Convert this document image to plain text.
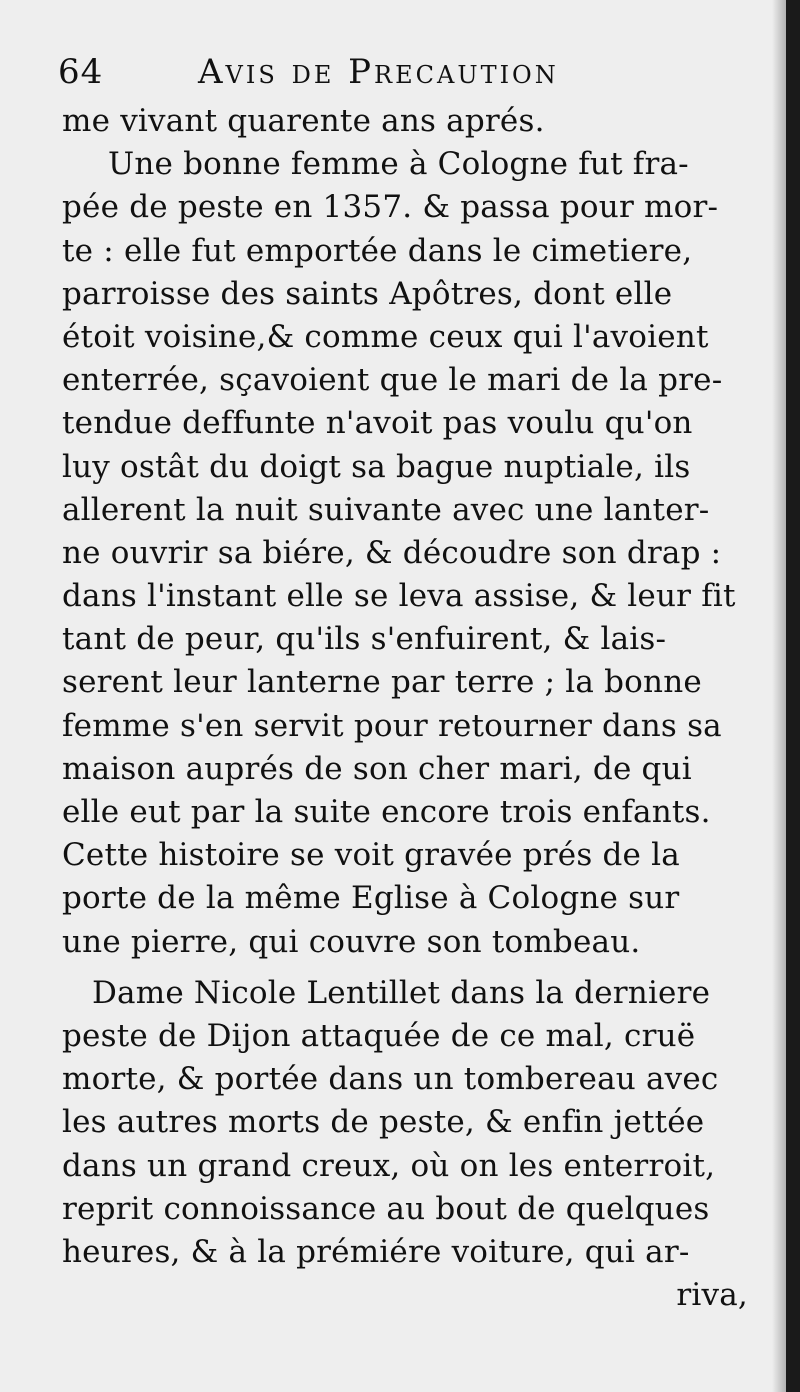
64	Avis de Precaution
me vivant quarente ans aprés.
Une bonne femme à Cologne fut fra-
pée de peste en 1357. & passa pour mor-
te : elle fut emportée dans le cimetiere,
parroisse des saints Apôtres, dont elle
étoit voisine,& comme ceux qui l'avoient
enterrée, sçavoient que le mari de la pre-
tendue deffunte n'avoit pas voulu qu'on
luy ostât du doigt sa bague nuptiale, ils
allerent la nuit suivante avec une lanter-
ne ouvrir sa biére, & découdre son drap :
dans l'instant elle se leva assise, & leur fit
tant de peur, qu'ils s'enfuirent, & lais-
serent leur lanterne par terre ; la bonne
femme s'en servit pour retourner dans sa
maison auprés de son cher mari, de qui
elle eut par la suite encore trois enfants.
Cette histoire se voit gravée prés de la
porte de la même Eglise à Cologne sur
une pierre, qui couvre son tombeau.
Dame Nicole Lentillet dans la derniere
peste de Dijon attaquée de ce mal, cruë
morte, & portée dans un tombereau avec
les autres morts de peste, & enfin jettée
dans un grand creux, où on les enterroit,
reprit connoissance au bout de quelques
heures, & à la prémiére voiture, qui ar-
riva,
